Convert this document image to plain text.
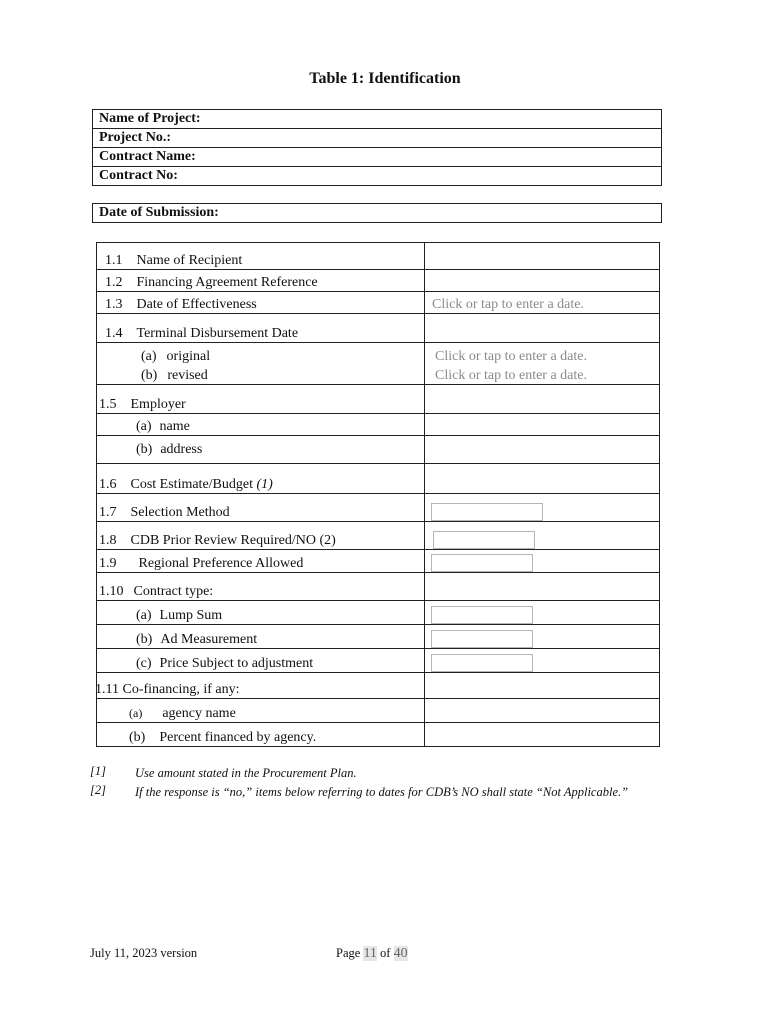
Table 1: Identification
Name of Project:
Project No.:
Contract Name:
Contract No:
Date of Submission:
1.1 Name of Recipient	
1.2 Financing Agreement Reference	
1.3 Date of Effectiveness	Click or tap to enter a date.
1.4 Terminal Disbursement Date	
(a) original	Click or tap to enter a date.
(b) revised	Click or tap to enter a date.
1.5 Employer	
(a) name	
(b) address	
1.6 Cost Estimate/Budget (1)	
1.7 Selection Method	
1.8 CDB Prior Review Required/NO (2)	
1.9 Regional Preference Allowed	
1.10 Contract type:	
(a) Lump Sum	
(b) Ad Measurement	
(c) Price Subject to adjustment	
1.11 Co-financing, if any:	
(a) agency name	
(b) Percent financed by agency.	
[1] Use amount stated in the Procurement Plan.
[2] If the response is “no,” items below referring to dates for CDB’s NO shall state “Not Applicable.”
July 11, 2023 version	Page 11 of 40
